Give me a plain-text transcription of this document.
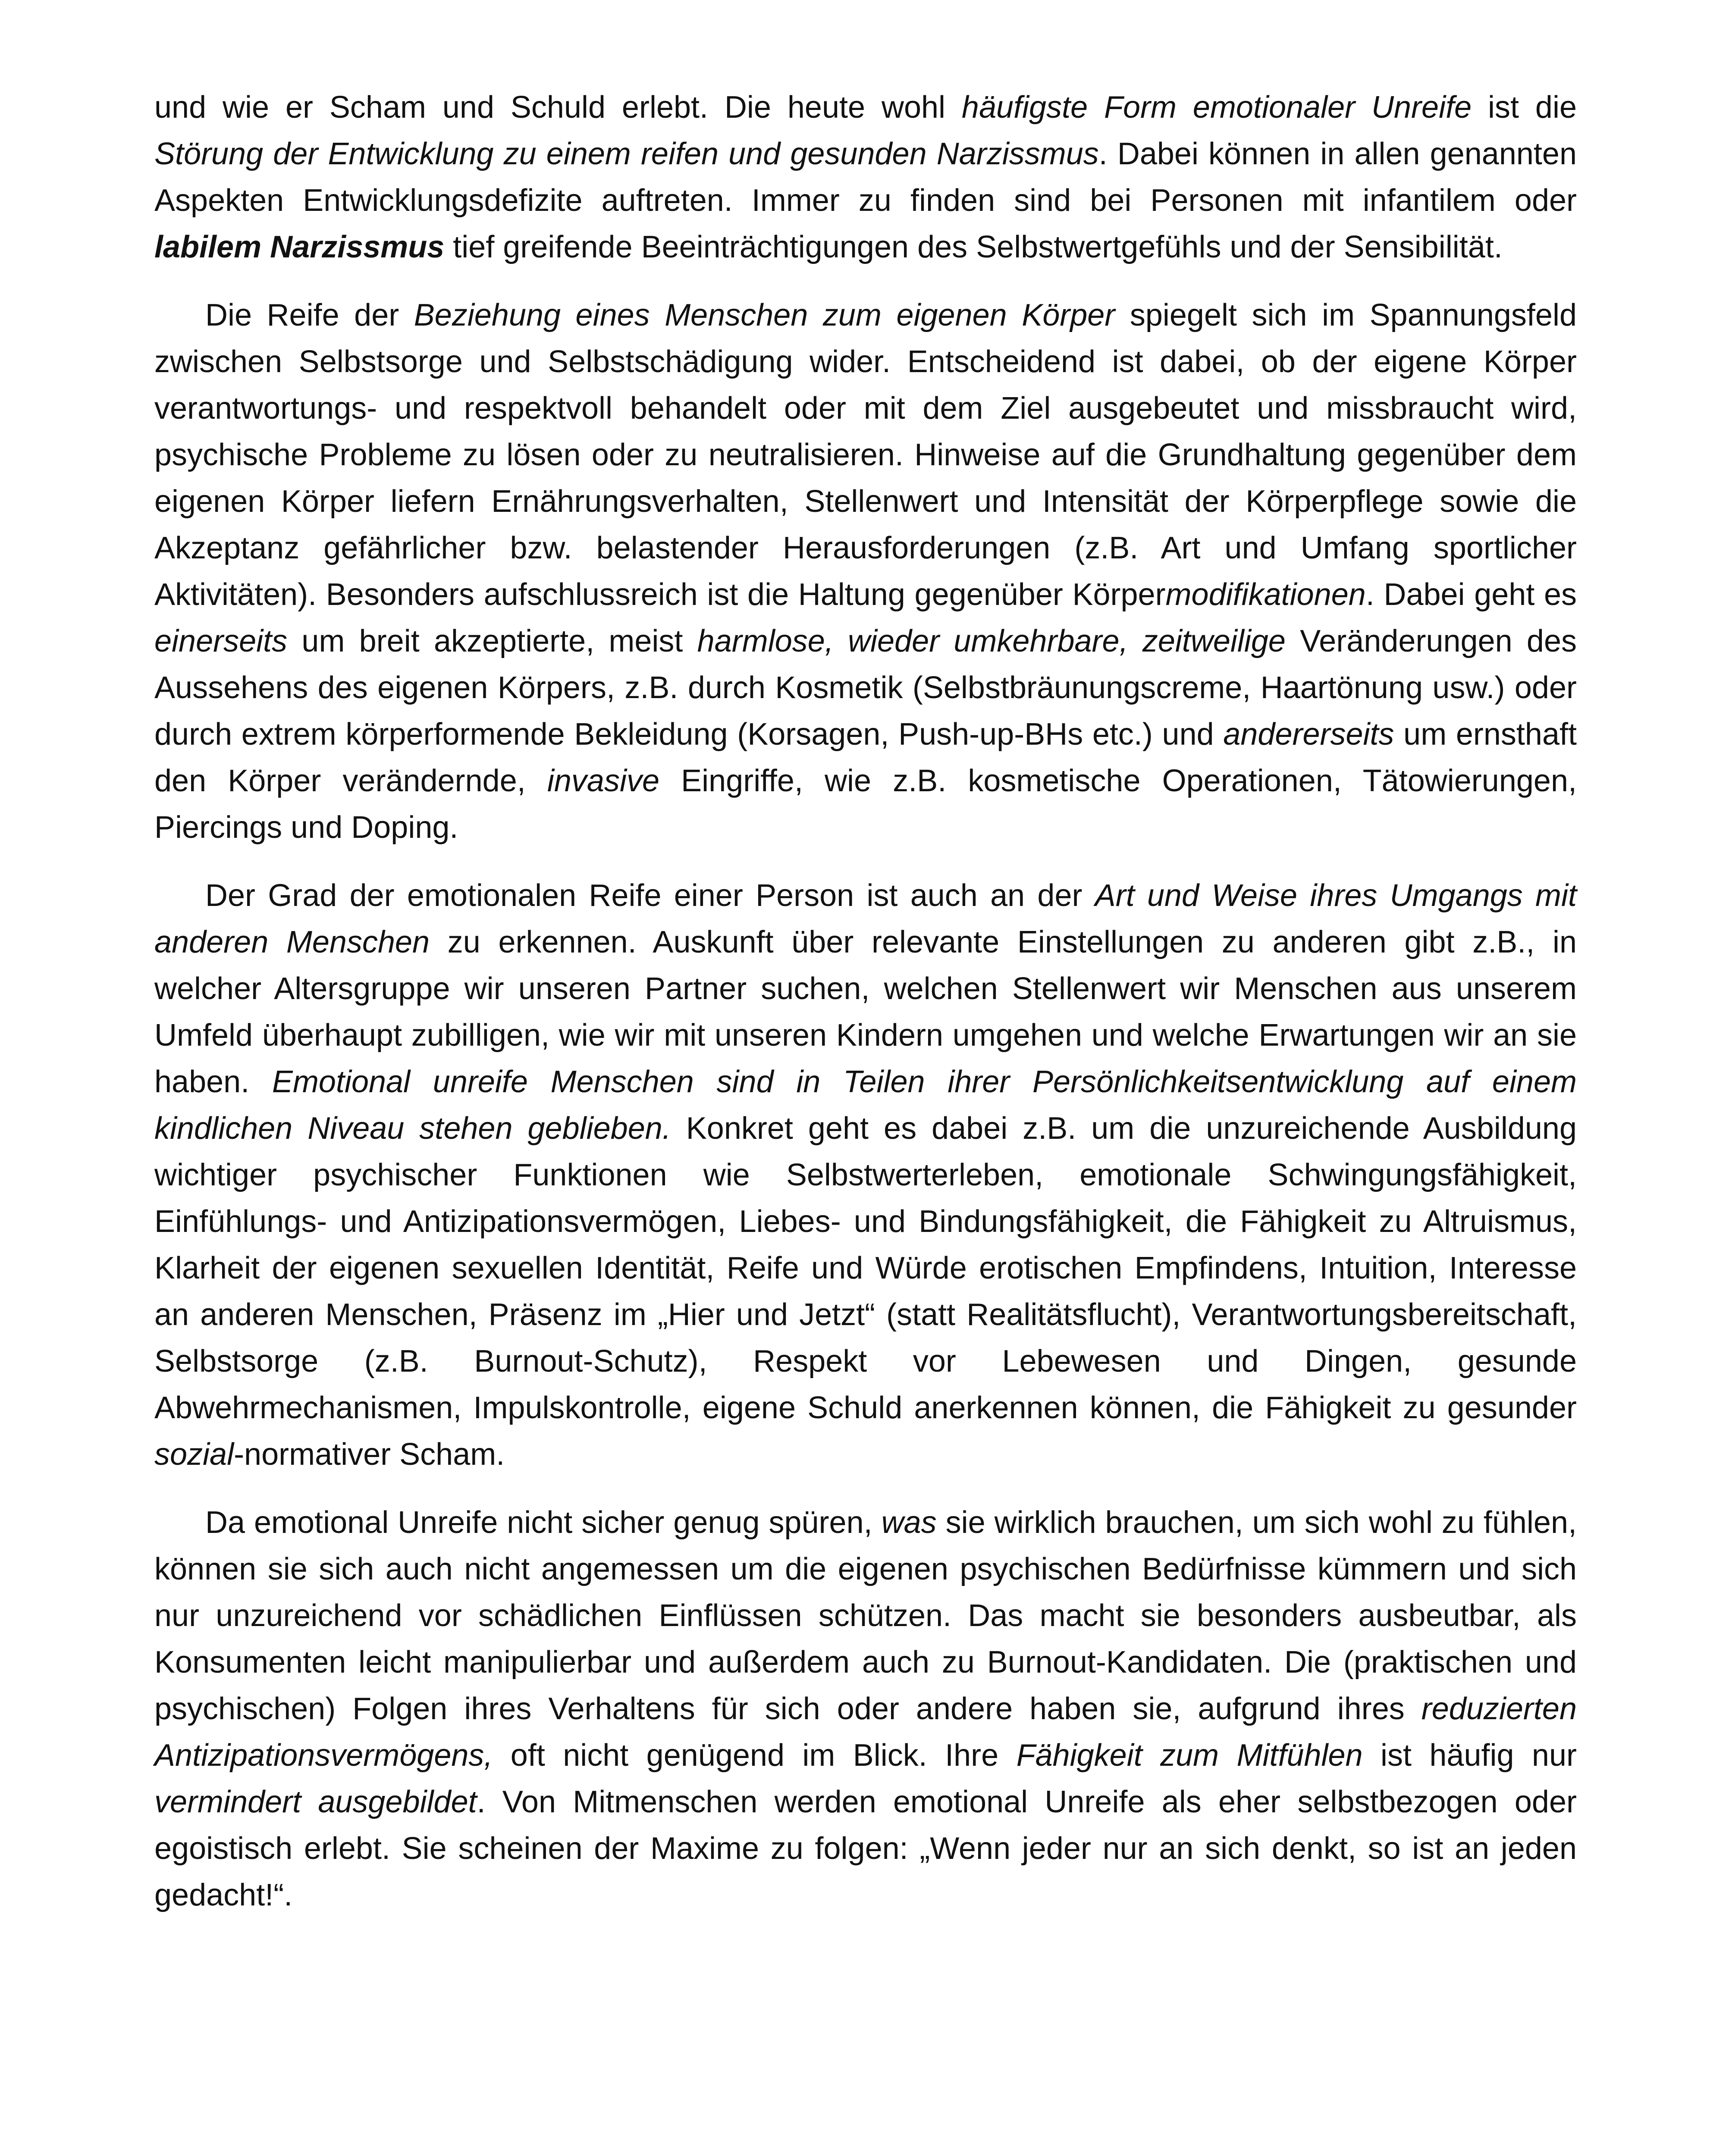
und wie er Scham und Schuld erlebt. Die heute wohl häufigste Form emotionaler Unreife ist die Störung der Entwicklung zu einem reifen und gesunden Narzissmus. Dabei können in allen genannten Aspekten Entwicklungsdefizite auftreten. Immer zu finden sind bei Personen mit infantilem oder labilem Narzissmus tief greifende Beeinträchtigungen des Selbstwertgefühls und der Sensibilität.

Die Reife der Beziehung eines Menschen zum eigenen Körper spiegelt sich im Spannungsfeld zwischen Selbstsorge und Selbstschädigung wider. Entscheidend ist dabei, ob der eigene Körper verantwortungs- und respektvoll behandelt oder mit dem Ziel ausgebeutet und missbraucht wird, psychische Probleme zu lösen oder zu neutralisieren. Hinweise auf die Grundhaltung gegenüber dem eigenen Körper liefern Ernährungsverhalten, Stellenwert und Intensität der Körperpflege sowie die Akzeptanz gefährlicher bzw. belastender Herausforderungen (z.B. Art und Umfang sportlicher Aktivitäten). Besonders aufschlussreich ist die Haltung gegenüber Körpermodifikationen. Dabei geht es einerseits um breit akzeptierte, meist harmlose, wieder umkehrbare, zeitweilige Veränderungen des Aussehens des eigenen Körpers, z.B. durch Kosmetik (Selbstbräunungscreme, Haartönung usw.) oder durch extrem körperformende Bekleidung (Korsagen, Push-up-BHs etc.) und andererseits um ernsthaft den Körper verändernde, invasive Eingriffe, wie z.B. kosmetische Operationen, Tätowierungen, Piercings und Doping.

Der Grad der emotionalen Reife einer Person ist auch an der Art und Weise ihres Umgangs mit anderen Menschen zu erkennen. Auskunft über relevante Einstellungen zu anderen gibt z.B., in welcher Altersgruppe wir unseren Partner suchen, welchen Stellenwert wir Menschen aus unserem Umfeld überhaupt zubilligen, wie wir mit unseren Kindern umgehen und welche Erwartungen wir an sie haben. Emotional unreife Menschen sind in Teilen ihrer Persönlichkeitsentwicklung auf einem kindlichen Niveau stehen geblieben. Konkret geht es dabei z.B. um die unzureichende Ausbildung wichtiger psychischer Funktionen wie Selbstwerterleben, emotionale Schwingungsfähigkeit, Einfühlungs- und Antizipationsvermögen, Liebes- und Bindungsfähigkeit, die Fähigkeit zu Altruismus, Klarheit der eigenen sexuellen Identität, Reife und Würde erotischen Empfindens, Intuition, Interesse an anderen Menschen, Präsenz im „Hier und Jetzt“ (statt Realitätsflucht), Verantwortungsbereitschaft, Selbstsorge (z.B. Burnout-Schutz), Respekt vor Lebewesen und Dingen, gesunde Abwehrmechanismen, Impulskontrolle, eigene Schuld anerkennen können, die Fähigkeit zu gesunder sozial-normativer Scham.

Da emotional Unreife nicht sicher genug spüren, was sie wirklich brauchen, um sich wohl zu fühlen, können sie sich auch nicht angemessen um die eigenen psychischen Bedürfnisse kümmern und sich nur unzureichend vor schädlichen Einflüssen schützen. Das macht sie besonders ausbeutbar, als Konsumenten leicht manipulierbar und außerdem auch zu Burnout-Kandidaten. Die (praktischen und psychischen) Folgen ihres Verhaltens für sich oder andere haben sie, aufgrund ihres reduzierten Antizipationsvermögens, oft nicht genügend im Blick. Ihre Fähigkeit zum Mitfühlen ist häufig nur vermindert ausgebildet. Von Mitmenschen werden emotional Unreife als eher selbstbezogen oder egoistisch erlebt. Sie scheinen der Maxime zu folgen: „Wenn jeder nur an sich denkt, so ist an jeden gedacht!“.
